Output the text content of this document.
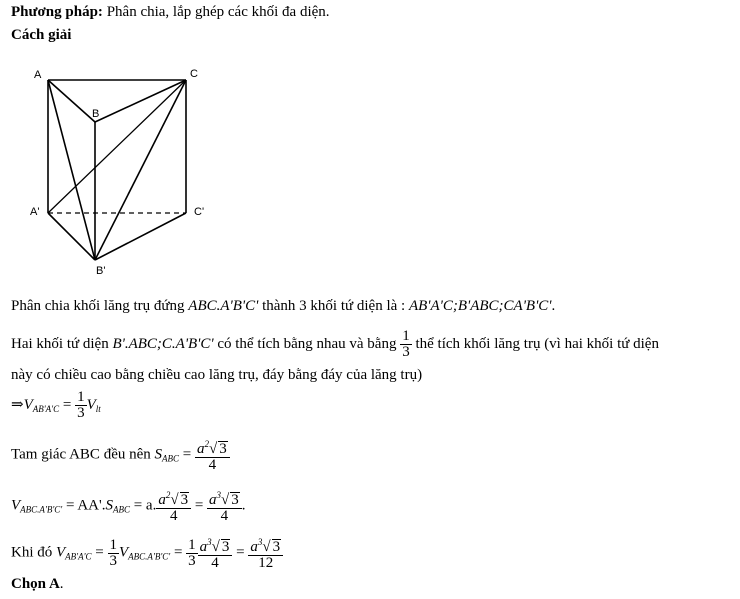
Phương pháp: Phân chia, lắp ghép các khối đa diện.
Cách giải
A
B
C
A'	C'
B'
Phân chia khối lăng trụ đứng ABC.A'B'C' thành 3 khối tứ diện là : AB'A'C;B'ABC;CA'B'C'.
Hai khối tứ diện B'.ABC;C.A'B'C' có thể tích bằng nhau và bằng $\frac{1}{3}$ thể tích khối lăng trụ (vì hai khối tứ diện
này có chiều cao bằng chiều cao lăng trụ, đáy bằng đáy của lăng trụ)
$\Rightarrow V_{AB'A'C} = \frac{1}{3} V_{lt}$
Tam giác ABC đều nên $S_{ABC} = \frac{a^2√ 3}{4}$
$V_{ABC.A'B'C'} = AA'.S_{ABC} = a$. $\frac{a^2√ 3}{4} = \frac{a^3√ 3}{4}$ .
Khi đó $V_{AB'A'C} = \frac{1}{3} V_{ABC.A'B'C'} = \frac{1}{3} \frac{a^3√ 3}{4} = \frac{a^3√ 3}{12}$
Chọn A.
